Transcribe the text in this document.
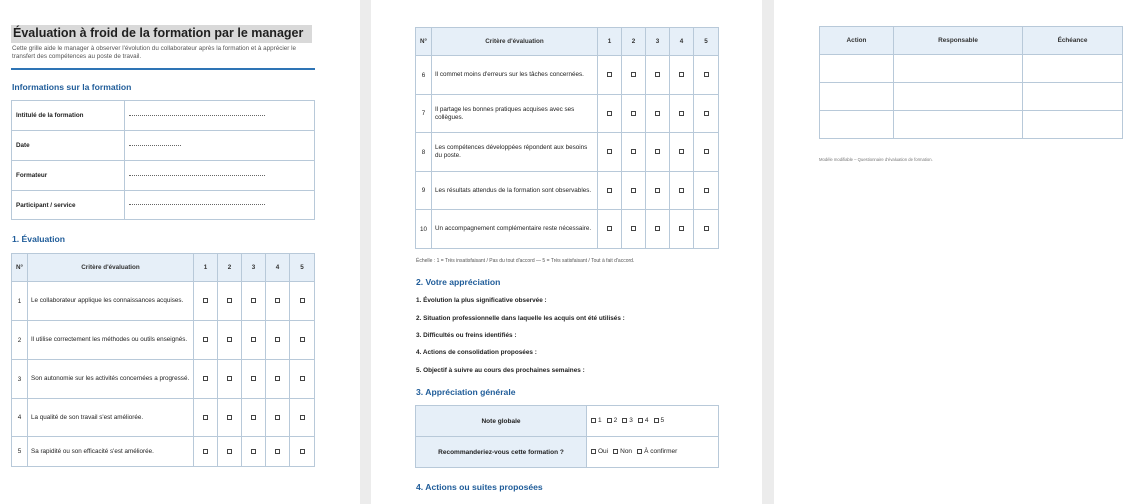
Évaluation à froid de la formation par le manager
Cette grille aide le manager à observer l'évolution du collaborateur après la formation et à apprécier le transfert des compétences au poste de travail.
Informations sur la formation
Intitulé de la formation	
Date	
Formateur	
Participant / service	
1. Évaluation
N°	Critère d'évaluation	1	2	3	4	5
1	Le collaborateur applique les connaissances acquises.					
2	Il utilise correctement les méthodes ou outils enseignés.					
3	Son autonomie sur les activités concernées a progressé.					
4	La qualité de son travail s'est améliorée.					
5	Sa rapidité ou son efficacité s'est améliorée.					
N°	Critère d'évaluation	1	2	3	4	5
6	Il commet moins d'erreurs sur les tâches concernées.					
7	Il partage les bonnes pratiques acquises avec ses collègues.					
8	Les compétences développées répondent aux besoins du poste.					
9	Les résultats attendus de la formation sont observables.					
10	Un accompagnement complémentaire reste nécessaire.					
Échelle : 1 = Très insatisfaisant / Pas du tout d'accord — 5 = Très satisfaisant / Tout à fait d'accord.
2. Votre appréciation
1. Évolution la plus significative observée :
2. Situation professionnelle dans laquelle les acquis ont été utilisés :
3. Difficultés ou freins identifiés :
4. Actions de consolidation proposées :
5. Objectif à suivre au cours des prochaines semaines :
3. Appréciation générale
Note globale	1 2 3 4 5

Recommanderiez-vous cette formation ?	Oui Non À confirmer
4. Actions ou suites proposées
Action	Responsable	Échéance

Modèle modifiable – Questionnaire d'évaluation de formation.
